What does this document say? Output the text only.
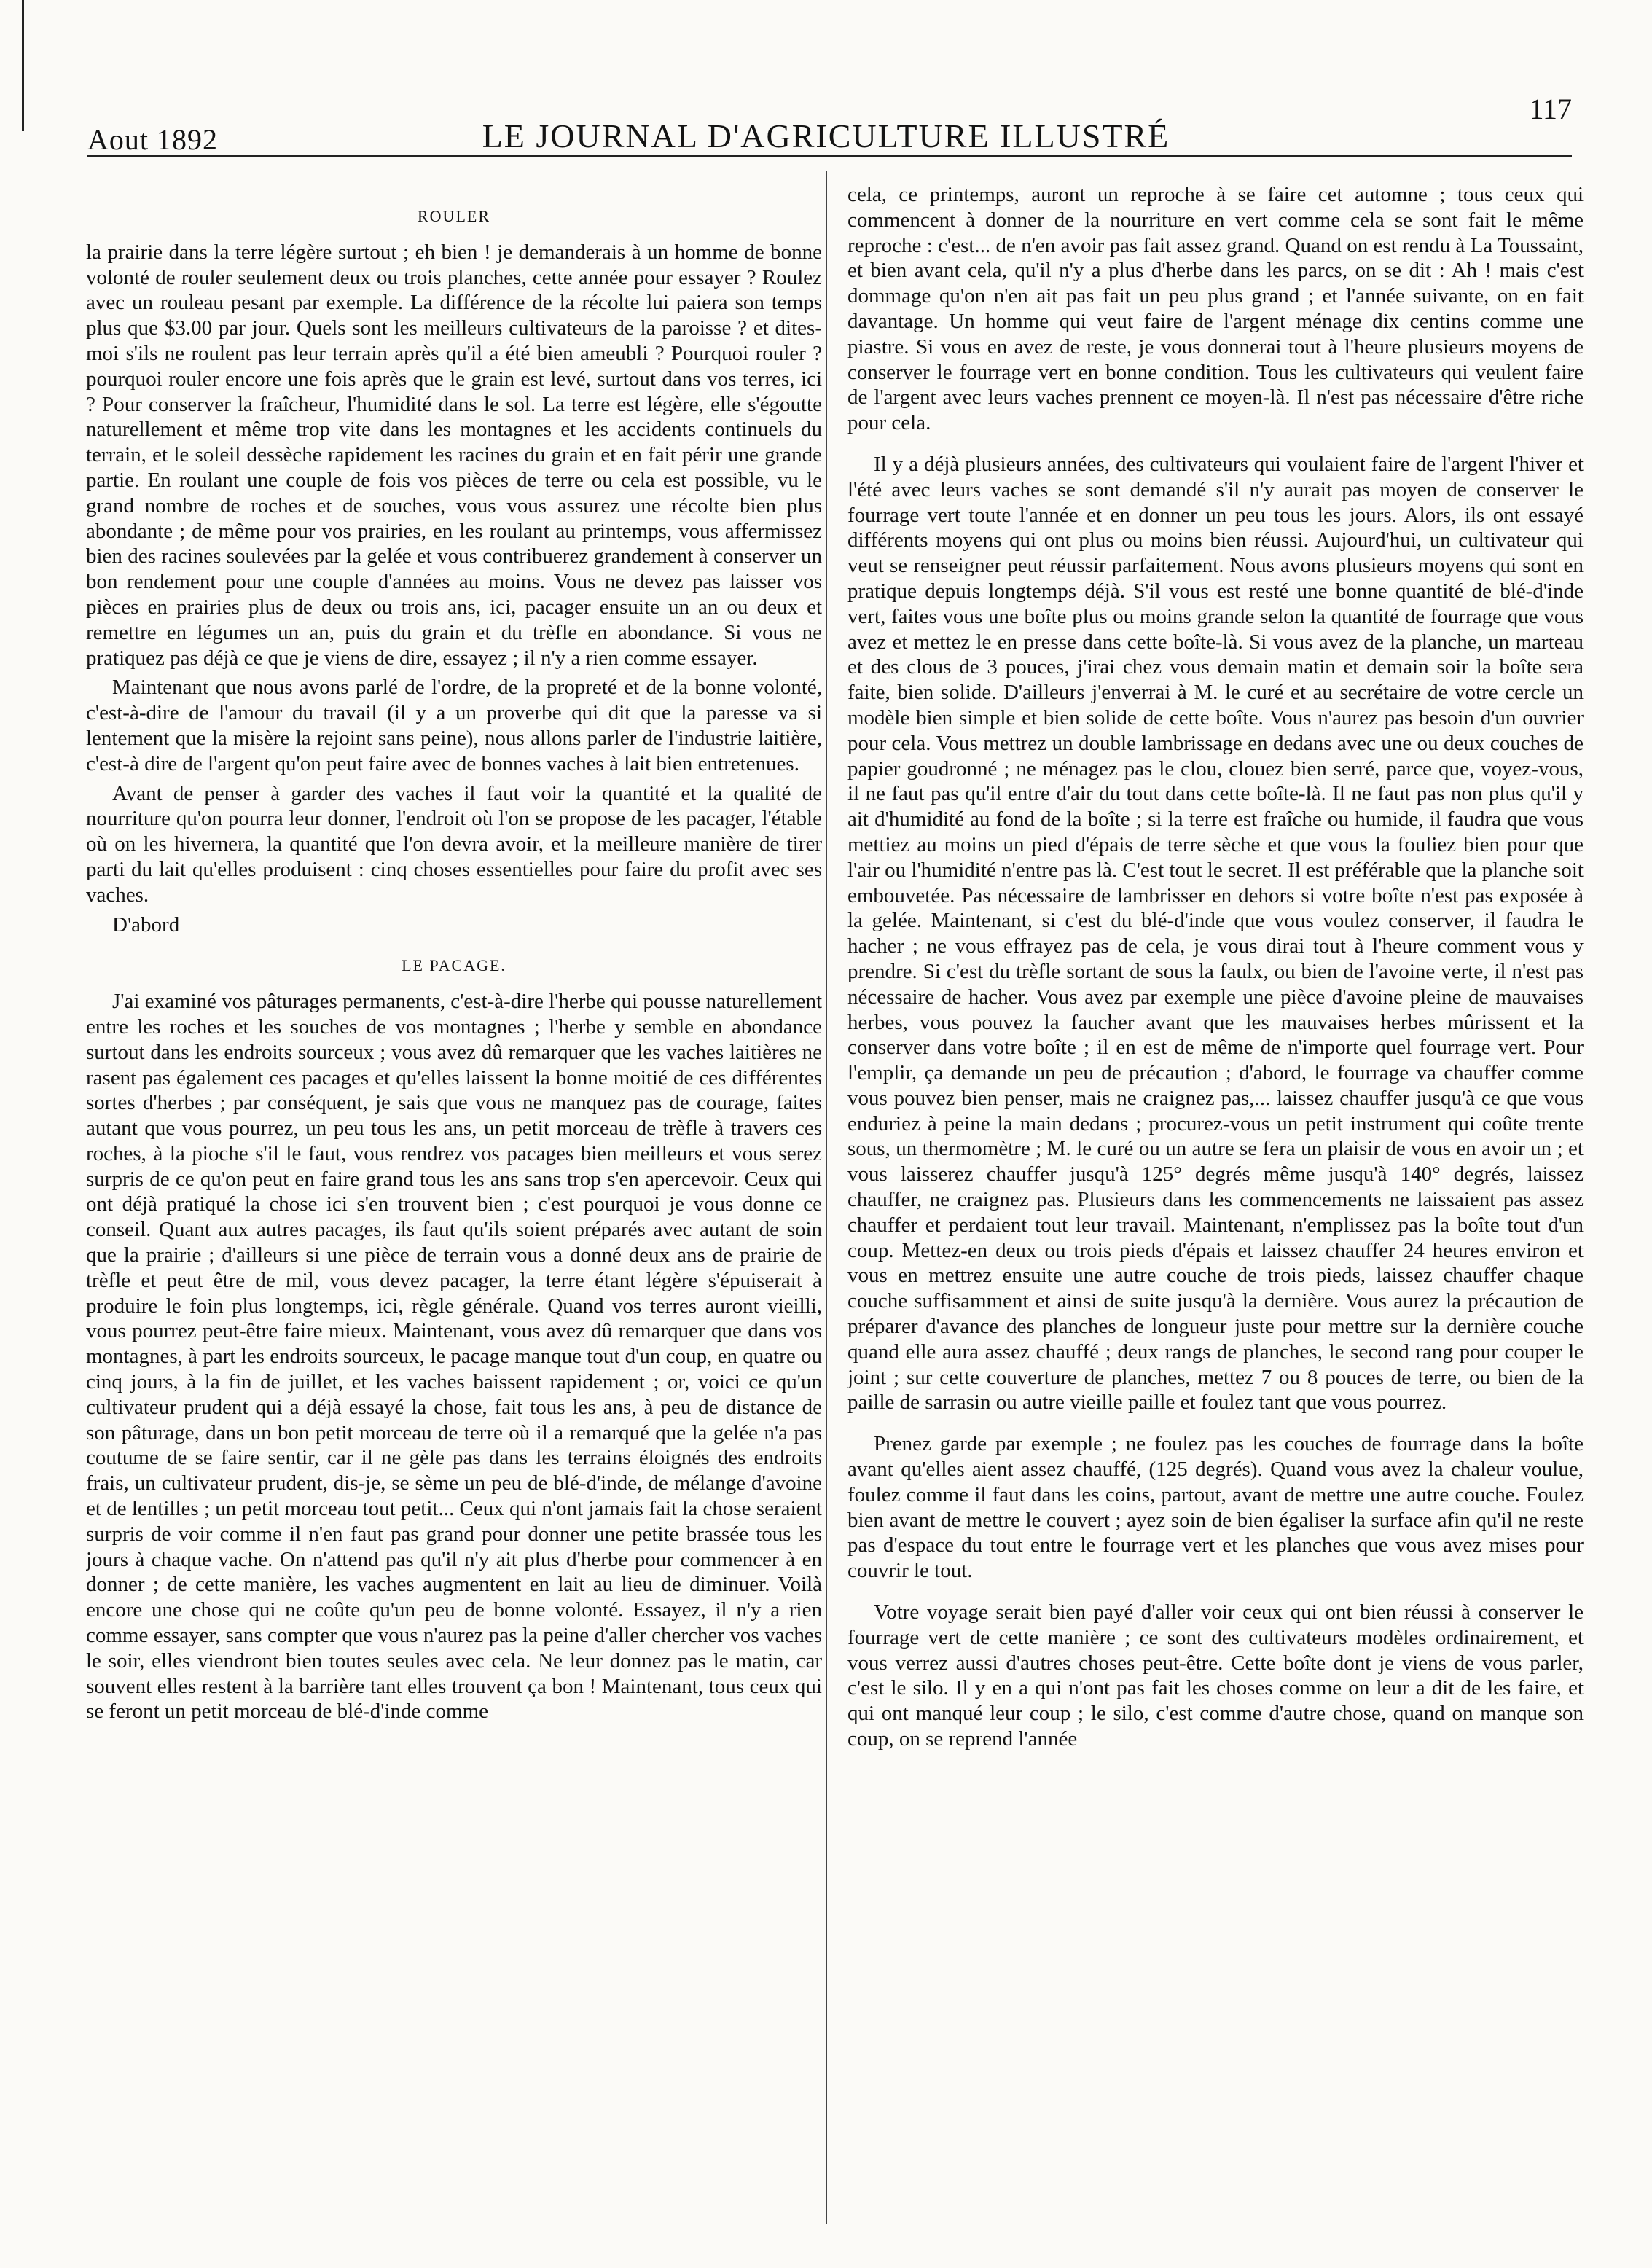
Aout 1892	LE JOURNAL D'AGRICULTURE ILLUSTRÉ
117
ROULER

la prairie dans la terre légère surtout ; eh bien ! je demanderais à un homme de bonne volonté de rouler seulement deux ou trois planches, cette année pour essayer ? Roulez avec un rouleau pesant par exemple. La différence de la récolte lui paiera son temps plus que $3.00 par jour. Quels sont les meilleurs cultivateurs de la paroisse ? et dites-moi s'ils ne roulent pas leur terrain après qu'il a été bien ameubli ? Pourquoi rouler ? pourquoi rouler encore une fois après que le grain est levé, surtout dans vos terres, ici ? Pour conserver la fraîcheur, l'humidité dans le sol. La terre est légère, elle s'égoutte naturellement et même trop vite dans les montagnes et les accidents continuels du terrain, et le soleil dessèche rapidement les racines du grain et en fait périr une grande partie. En roulant une couple de fois vos pièces de terre ou cela est possible, vu le grand nombre de roches et de souches, vous vous assurez une récolte bien plus abondante ; de même pour vos prairies, en les roulant au printemps, vous affermissez bien des racines soulevées par la gelée et vous contribuerez grandement à conserver un bon rendement pour une couple d'années au moins. Vous ne devez pas laisser vos pièces en prairies plus de deux ou trois ans, ici, pacager ensuite un an ou deux et remettre en légumes un an, puis du grain et du trèfle en abondance. Si vous ne pratiquez pas déjà ce que je viens de dire, essayez ; il n'y a rien comme essayer.

Maintenant que nous avons parlé de l'ordre, de la propreté et de la bonne volonté, c'est-à-dire de l'amour du travail (il y a un proverbe qui dit que la paresse va si lentement que la misère la rejoint sans peine), nous allons parler de l'industrie laitière, c'est-à dire de l'argent qu'on peut faire avec de bonnes vaches à lait bien entretenues.

Avant de penser à garder des vaches il faut voir la quantité et la qualité de nourriture qu'on pourra leur donner, l'endroit où l'on se propose de les pacager, l'étable où on les hivernera, la quantité que l'on devra avoir, et la meilleure manière de tirer parti du lait qu'elles produisent : cinq choses essentielles pour faire du profit avec ses vaches.

D'abord

LE PACAGE.

J'ai examiné vos pâturages permanents, c'est-à-dire l'herbe qui pousse naturellement entre les roches et les souches de vos montagnes ; l'herbe y semble en abondance surtout dans les endroits sourceux ; vous avez dû remarquer que les vaches laitières ne rasent pas également ces pacages et qu'elles laissent la bonne moitié de ces différentes sortes d'herbes ; par conséquent, je sais que vous ne manquez pas de courage, faites autant que vous pourrez, un peu tous les ans, un petit morceau de trèfle à travers ces roches, à la pioche s'il le faut, vous rendrez vos pacages bien meilleurs et vous serez surpris de ce qu'on peut en faire grand tous les ans sans trop s'en apercevoir. Ceux qui ont déjà pratiqué la chose ici s'en trouvent bien ; c'est pourquoi je vous donne ce conseil. Quant aux autres pacages, ils faut qu'ils soient préparés avec autant de soin que la prairie ; d'ailleurs si une pièce de terrain vous a donné deux ans de prairie de trèfle et peut être de mil, vous devez pacager, la terre étant légère s'épuiserait à produire le foin plus longtemps, ici, règle générale. Quand vos terres auront vieilli, vous pourrez peut-être faire mieux. Maintenant, vous avez dû remarquer que dans vos montagnes, à part les endroits sourceux, le pacage manque tout d'un coup, en quatre ou cinq jours, à la fin de juillet, et les vaches baissent rapidement ; or, voici ce qu'un cultivateur prudent qui a déjà essayé la chose, fait tous les ans, à peu de distance de son pâturage, dans un bon petit morceau de terre où il a remarqué que la gelée n'a pas coutume de se faire sentir, car il ne gèle pas dans les terrains éloignés des endroits frais, un cultivateur prudent, dis-je, se sème un peu de blé-d'inde, de mélange d'avoine et de lentilles ; un petit morceau tout petit... Ceux qui n'ont jamais fait la chose seraient surpris de voir comme il n'en faut pas grand pour donner une petite brassée tous les jours à chaque vache. On n'attend pas qu'il n'y ait plus d'herbe pour commencer à en donner ; de cette manière, les vaches augmentent en lait au lieu de diminuer. Voilà encore une chose qui ne coûte qu'un peu de bonne volonté. Essayez, il n'y a rien comme essayer, sans compter que vous n'aurez pas la peine d'aller chercher vos vaches le soir, elles viendront bien toutes seules avec cela. Ne leur donnez pas le matin, car souvent elles restent à la barrière tant elles trouvent ça bon ! Maintenant, tous ceux qui se feront un petit morceau de blé-d'inde comme

cela, ce printemps, auront un reproche à se faire cet automne ; tous ceux qui commencent à donner de la nourriture en vert comme cela se sont fait le même reproche : c'est... de n'en avoir pas fait assez grand. Quand on est rendu à La Toussaint, et bien avant cela, qu'il n'y a plus d'herbe dans les parcs, on se dit : Ah ! mais c'est dommage qu'on n'en ait pas fait un peu plus grand ; et l'année suivante, on en fait davantage. Un homme qui veut faire de l'argent ménage dix centins comme une piastre. Si vous en avez de reste, je vous donnerai tout à l'heure plusieurs moyens de conserver le fourrage vert en bonne condition. Tous les cultivateurs qui veulent faire de l'argent avec leurs vaches prennent ce moyen-là. Il n'est pas nécessaire d'être riche pour cela.

Il y a déjà plusieurs années, des cultivateurs qui voulaient faire de l'argent l'hiver et l'été avec leurs vaches se sont demandé s'il n'y aurait pas moyen de conserver le fourrage vert toute l'année et en donner un peu tous les jours. Alors, ils ont essayé différents moyens qui ont plus ou moins bien réussi. Aujourd'hui, un cultivateur qui veut se renseigner peut réussir parfaitement. Nous avons plusieurs moyens qui sont en pratique depuis longtemps déjà. S'il vous est resté une bonne quantité de blé-d'inde vert, faites vous une boîte plus ou moins grande selon la quantité de fourrage que vous avez et mettez le en presse dans cette boîte-là. Si vous avez de la planche, un marteau et des clous de 3 pouces, j'irai chez vous demain matin et demain soir la boîte sera faite, bien solide. D'ailleurs j'enverrai à M. le curé et au secrétaire de votre cercle un modèle bien simple et bien solide de cette boîte. Vous n'aurez pas besoin d'un ouvrier pour cela. Vous mettrez un double lambrissage en dedans avec une ou deux couches de papier goudronné ; ne ménagez pas le clou, clouez bien serré, parce que, voyez-vous, il ne faut pas qu'il entre d'air du tout dans cette boîte-là. Il ne faut pas non plus qu'il y ait d'humidité au fond de la boîte ; si la terre est fraîche ou humide, il faudra que vous mettiez au moins un pied d'épais de terre sèche et que vous la fouliez bien pour que l'air ou l'humidité n'entre pas là. C'est tout le secret. Il est préférable que la planche soit embouvetée. Pas nécessaire de lambrisser en dehors si votre boîte n'est pas exposée à la gelée. Maintenant, si c'est du blé-d'inde que vous voulez conserver, il faudra le hacher ; ne vous effrayez pas de cela, je vous dirai tout à l'heure comment vous y prendre. Si c'est du trèfle sortant de sous la faulx, ou bien de l'avoine verte, il n'est pas nécessaire de hacher. Vous avez par exemple une pièce d'avoine pleine de mauvaises herbes, vous pouvez la faucher avant que les mauvaises herbes mûrissent et la conserver dans votre boîte ; il en est de même de n'importe quel fourrage vert. Pour l'emplir, ça demande un peu de précaution ; d'abord, le fourrage va chauffer comme vous pouvez bien penser, mais ne craignez pas,... laissez chauffer jusqu'à ce que vous enduriez à peine la main dedans ; procurez-vous un petit instrument qui coûte trente sous, un thermomètre ; M. le curé ou un autre se fera un plaisir de vous en avoir un ; et vous laisserez chauffer jusqu'à 125° degrés même jusqu'à 140° degrés, laissez chauffer, ne craignez pas. Plusieurs dans les commencements ne laissaient pas assez chauffer et perdaient tout leur travail. Maintenant, n'emplissez pas la boîte tout d'un coup. Mettez-en deux ou trois pieds d'épais et laissez chauffer 24 heures environ et vous en mettrez ensuite une autre couche de trois pieds, laissez chauffer chaque couche suffisamment et ainsi de suite jusqu'à la dernière. Vous aurez la précaution de préparer d'avance des planches de longueur juste pour mettre sur la dernière couche quand elle aura assez chauffé ; deux rangs de planches, le second rang pour couper le joint ; sur cette couverture de planches, mettez 7 ou 8 pouces de terre, ou bien de la paille de sarrasin ou autre vieille paille et foulez tant que vous pourrez.

Prenez garde par exemple ; ne foulez pas les couches de fourrage dans la boîte avant qu'elles aient assez chauffé, (125 degrés). Quand vous avez la chaleur voulue, foulez comme il faut dans les coins, partout, avant de mettre une autre couche. Foulez bien avant de mettre le couvert ; ayez soin de bien égaliser la surface afin qu'il ne reste pas d'espace du tout entre le fourrage vert et les planches que vous avez mises pour couvrir le tout.

Votre voyage serait bien payé d'aller voir ceux qui ont bien réussi à conserver le fourrage vert de cette manière ; ce sont des cultivateurs modèles ordinairement, et vous verrez aussi d'autres choses peut-être. Cette boîte dont je viens de vous parler, c'est le silo. Il y en a qui n'ont pas fait les choses comme on leur a dit de les faire, et qui ont manqué leur coup ; le silo, c'est comme d'autre chose, quand on manque son coup, on se reprend l'année
